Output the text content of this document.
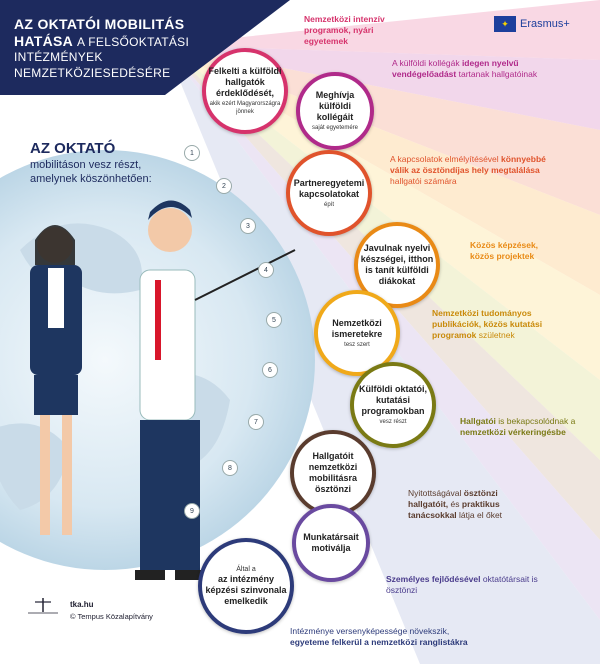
AZ OKTATÓI MOBILITÁS
HATÁSA A FELSŐOKTATÁSI
INTÉZMÉNYEK
NEMZETKÖZIESEDÉSÉRE
✦	Erasmus+
AZ OKTATÓ
mobilitáson vesz részt,
amelynek köszönhetően:
1
2
3
4
5
6
7
8
9
Felkelti a külföldi hallgatók érdeklődését,
akik ezért Magyarországra jönnek
Meghívja külföldi kollégáit
saját egyetemére
Partneregyetemi kapcsolatokat
épít
Javulnak nyelvi készségei, itthon is tanít külföldi diákokat
Nemzetközi ismeretekre
tesz szert
Külföldi oktatói, kutatási programokban
vesz részt
Hallgatóit nemzetközi mobilitásra ösztönzi
Munkatársait motiválja
Által a
az intézmény képzési szinvonala emelkedik
Nemzetközi intenzív programok, nyári egyetemek
A külföldi kollégák idegen nyelvű vendégelőadást tartanak hallgatóinak
A kapcsolatok elmélyítésével könnyebbé válik az ösztöndíjas hely megtalálása hallgatói számára
Közös képzések, közös projektek
Nemzetközi tudományos publikációk, közös kutatási programok születnek
Hallgatói is bekapcsolódnak a nemzetközi vérkeringésbe
Nyitottságával ösztönzi hallgatóit, és praktikus tanácsokkal látja el őket
Személyes fejlődésével oktatótársait is ösztönzi
Intézménye versenyképessége növekszik,
egyeteme felkerül a nemzetközi ranglistákra
tka.hu
© Tempus Közalapítvány
